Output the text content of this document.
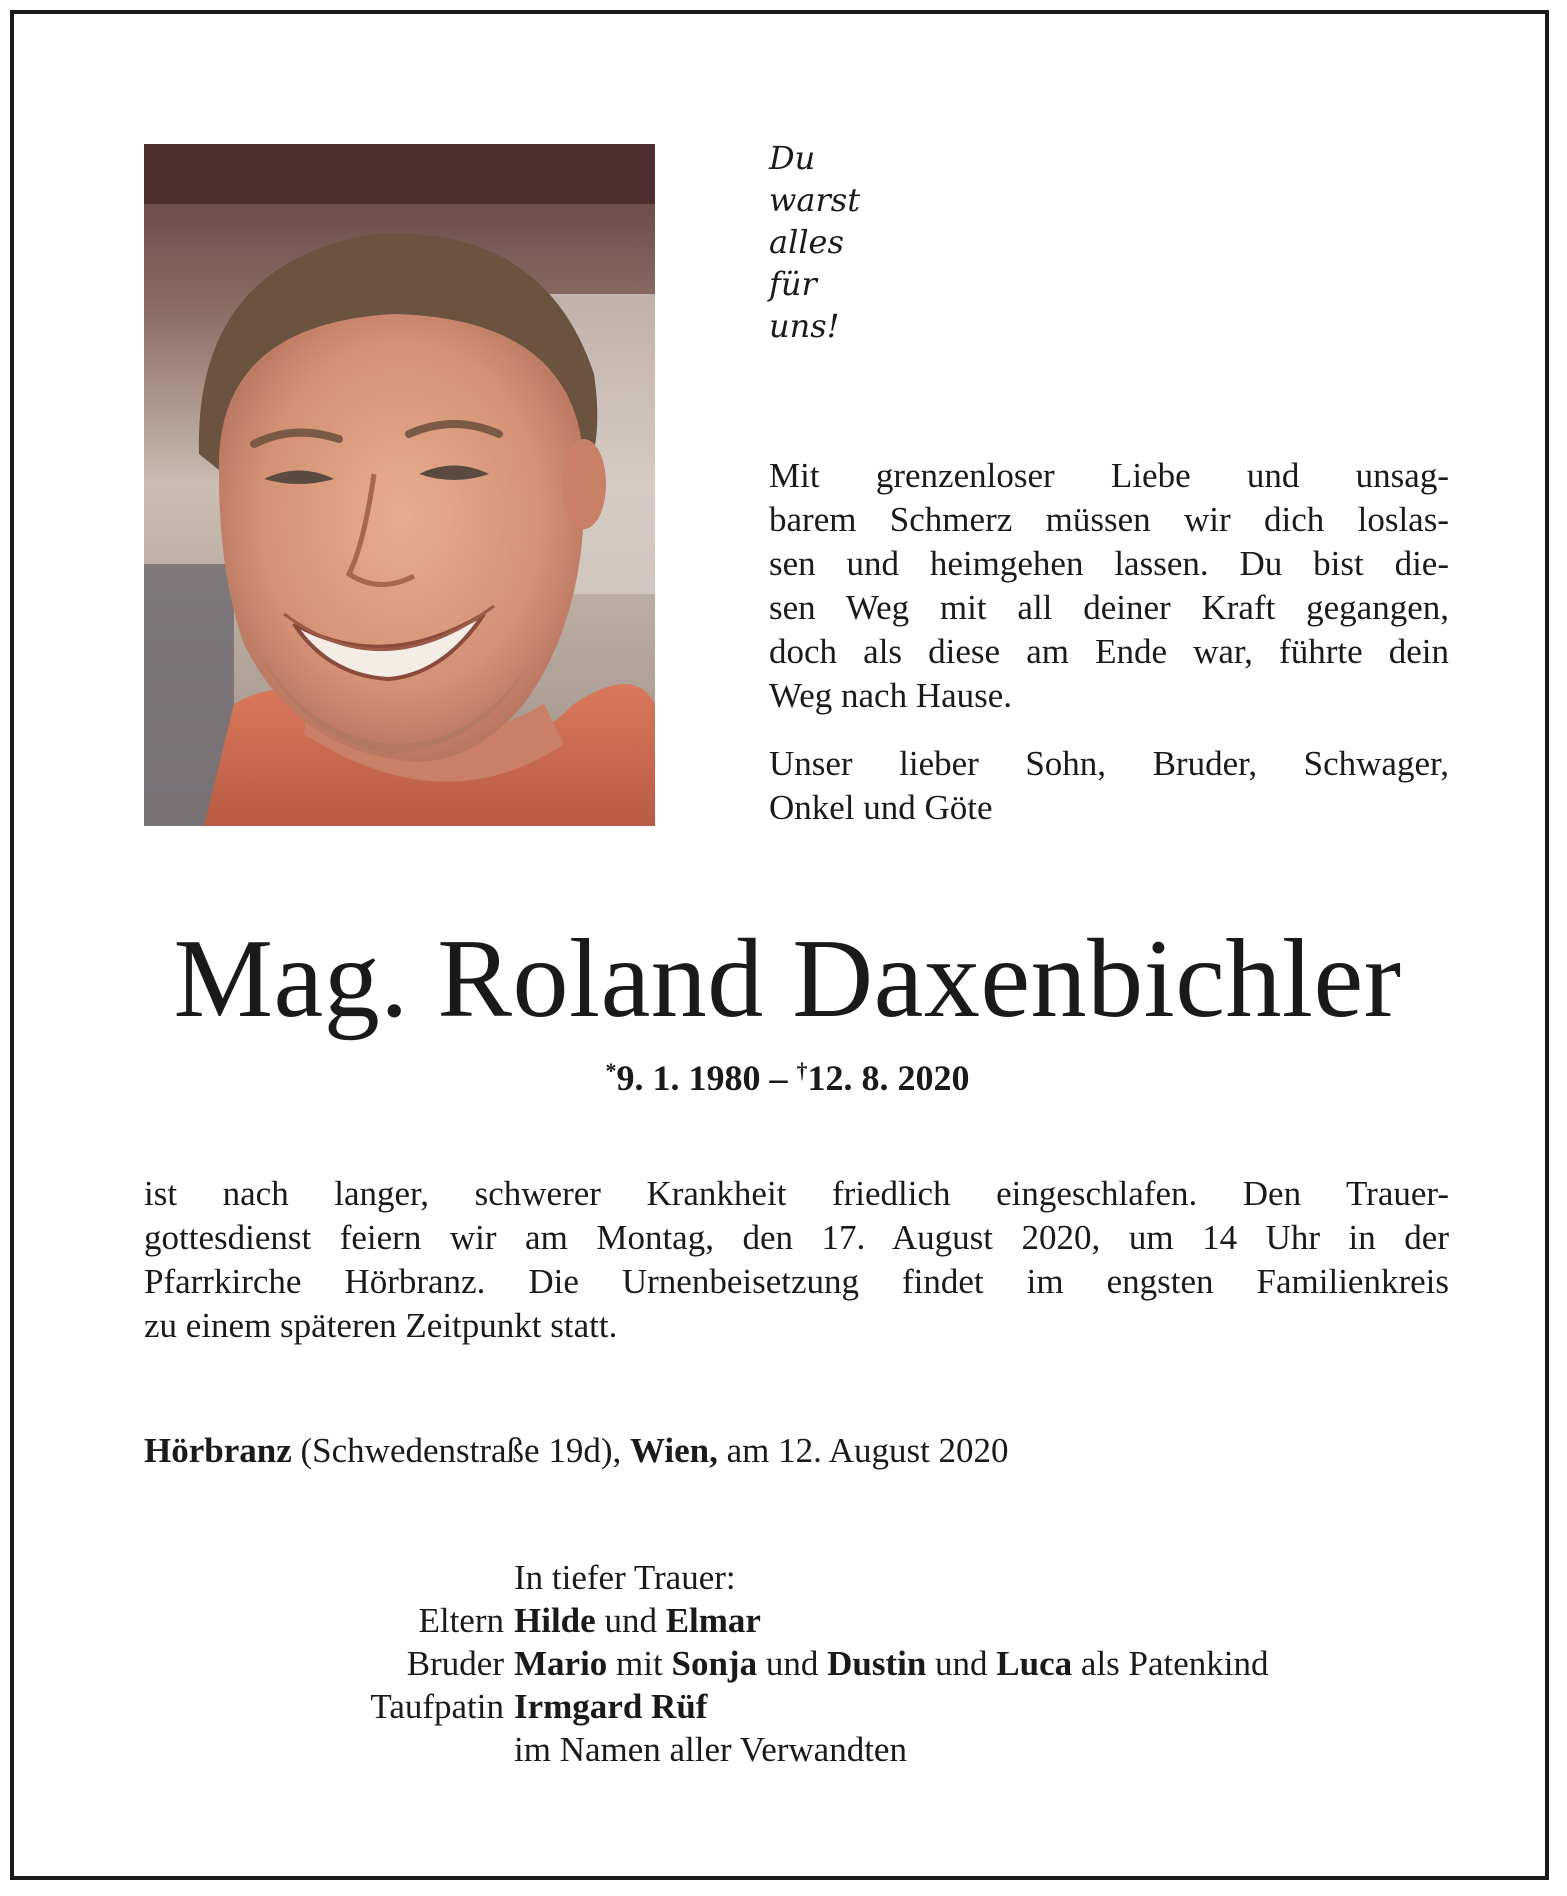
Du
warst
alles
für
uns!

Mit grenzenloser Liebe und unsag-
barem Schmerz müssen wir dich loslas-
sen und heimgehen lassen. Du bist die-
sen Weg mit all deiner Kraft gegangen,
doch als diese am Ende war, führte dein
Weg nach Hause.

Unser lieber Sohn, Bruder, Schwager,
Onkel und Göte

Mag. Roland Daxenbichler
*9. 1. 1980 – †12. 8. 2020
ist nach langer, schwerer Krankheit friedlich eingeschlafen. Den Trauer-
gottesdienst feiern wir am Montag, den 17. August 2020, um 14 Uhr in der
Pfarrkirche Hörbranz. Die Urnenbeisetzung findet im engsten Familienkreis
zu einem späteren Zeitpunkt statt.
Hörbranz (Schwedenstraße 19d), Wien, am 12. August 2020
In tiefer Trauer:
Eltern Hilde und Elmar
Bruder Mario mit Sonja und Dustin und Luca als Patenkind
Taufpatin Irmgard Rüf
im Namen aller Verwandten
